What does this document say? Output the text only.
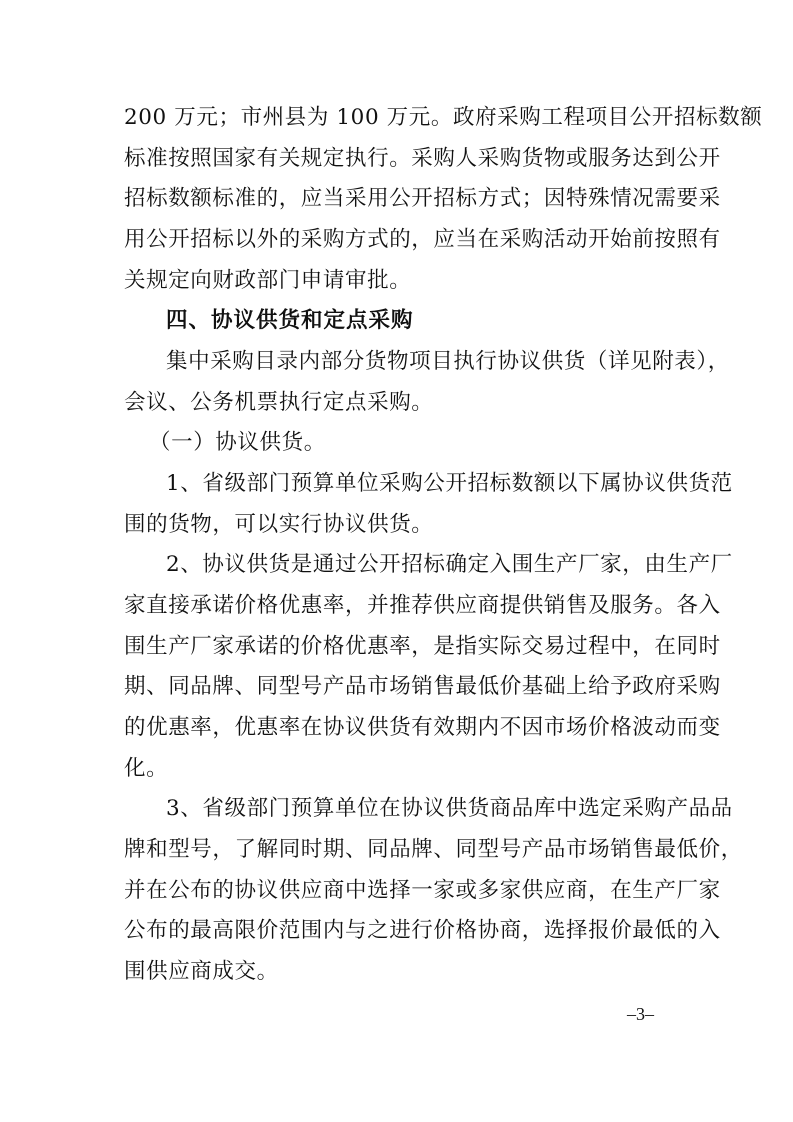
200 万元；市州县为 100 万元。政府采购工程项目公开招标数额
标准按照国家有关规定执行。采购人采购货物或服务达到公开
招标数额标准的，应当采用公开招标方式；因特殊情况需要采
用公开招标以外的采购方式的，应当在采购活动开始前按照有
关规定向财政部门申请审批。
四、协议供货和定点采购
集中采购目录内部分货物项目执行协议供货（详见附表），
会议、公务机票执行定点采购。
（一）协议供货。
1、省级部门预算单位采购公开招标数额以下属协议供货范
围的货物，可以实行协议供货。
2、协议供货是通过公开招标确定入围生产厂家，由生产厂
家直接承诺价格优惠率，并推荐供应商提供销售及服务。各入
围生产厂家承诺的价格优惠率，是指实际交易过程中，在同时
期、同品牌、同型号产品市场销售最低价基础上给予政府采购
的优惠率，优惠率在协议供货有效期内不因市场价格波动而变
化。
3、省级部门预算单位在协议供货商品库中选定采购产品品
牌和型号，了解同时期、同品牌、同型号产品市场销售最低价，
并在公布的协议供应商中选择一家或多家供应商，在生产厂家
公布的最高限价范围内与之进行价格协商，选择报价最低的入
围供应商成交。
–3–
